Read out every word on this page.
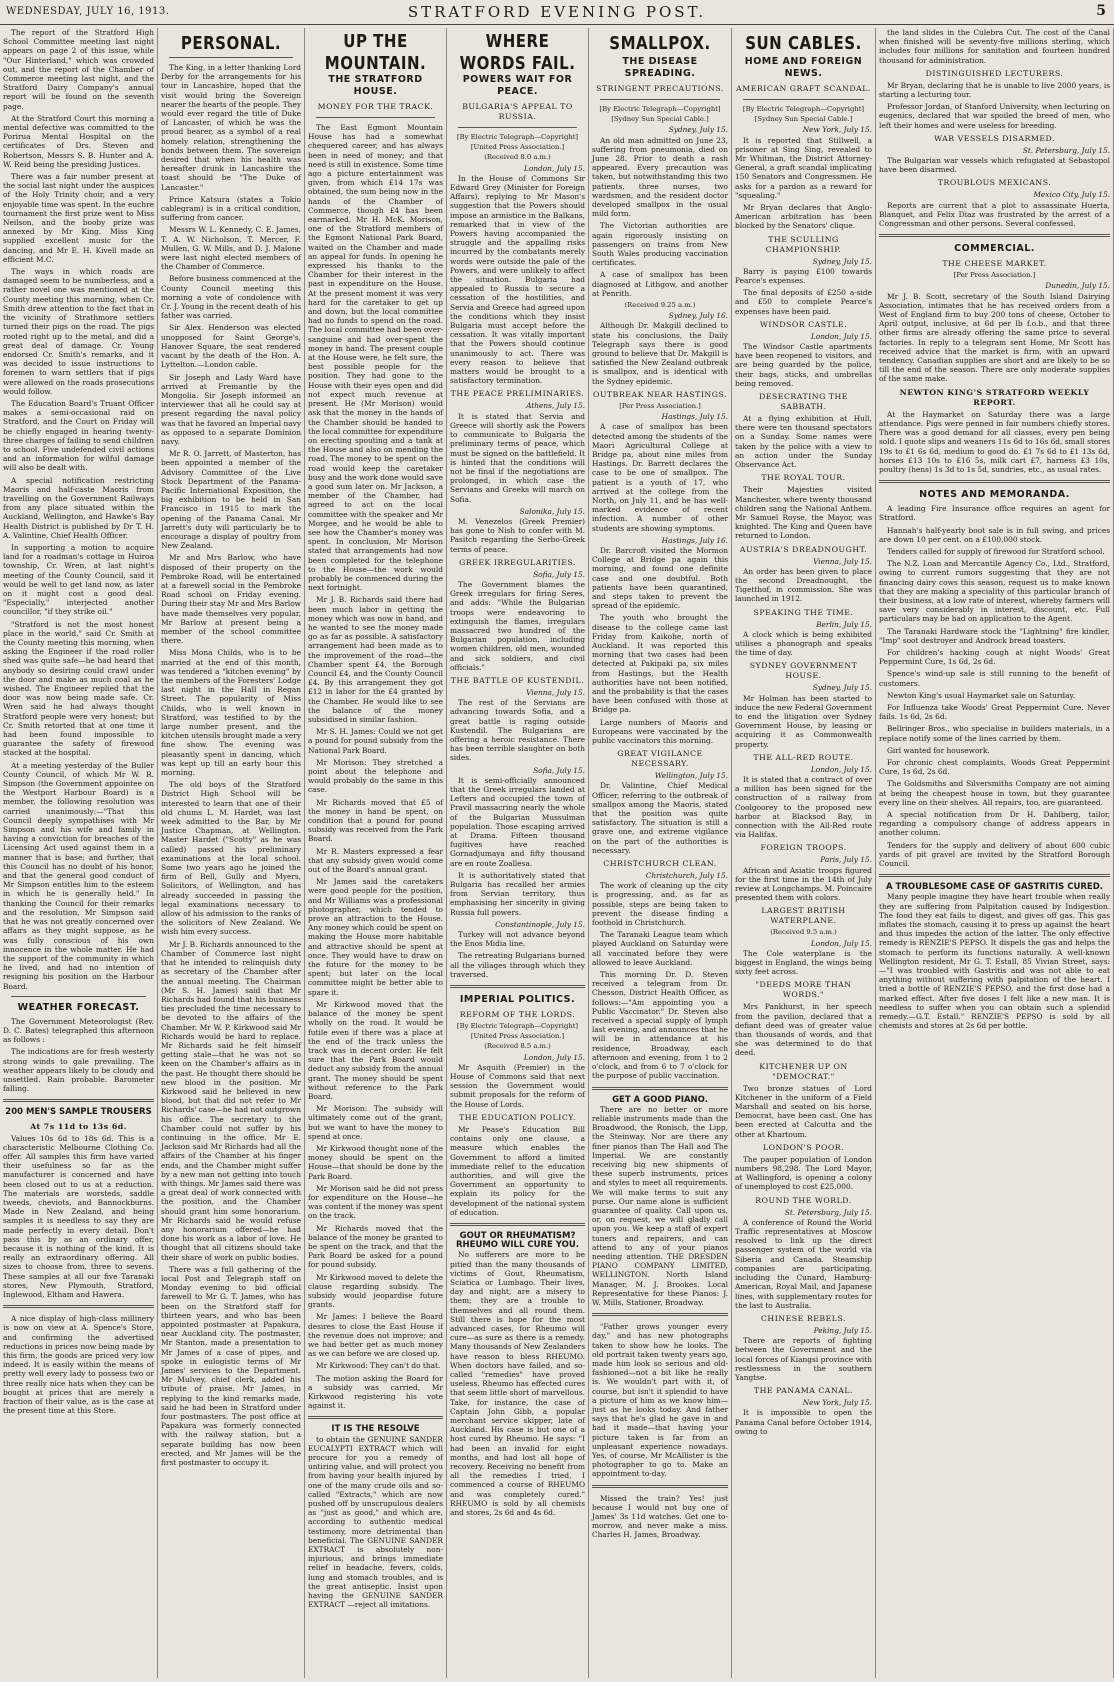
WEDNESDAY, JULY 16, 1913.	STRATFORD EVENING POST.	5

The report of the Stratford High School Committee meeting last night appears on page 2 of this issue, while "Our Hinterland," which was crowded out, and the report of the Chamber of Commerce meeting last night, and the Stratford Dairy Company's annual report will be found on the seventh page.

At the Stratford Court this morning a mental defective was committed to the Porirua Mental Hospital on the certificates of Drs. Steven and Robertson, Messrs S. B. Hunter and A. W. Reid being the presiding Justices.

There was a fair number present at the social last night under the auspices of the Holy Trinity choir, and a very enjoyable time was spent. In the euchre tournament the first prize went to Miss Neilson, and the booby prize was annexed by Mr King. Miss King supplied excellent music for the dancing, and Mr E. H. Kivell made an efficient M.C.

The ways in which roads are damaged seem to be numberless, and a rather novel one was mentioned at the County meeting this morning, when Cr. Smith drew attention to the fact that in the vicinity of Strathmore settlers turned their pigs on the road. The pigs rooted right up to the metal, and did a great deal of damage. Cr. Young endorsed Cr. Smith's remarks, and it was decided to issue instructions to foremen to warn settlers that if pigs were allowed on the roads prosecutions would follow.

The Education Board's Truant Officer makes a semi-occasional raid on Stratford, and the Court on Friday will be chiefly engaged in hearing twenty-three charges of failing to send children to school. Five undefended civil actions and an information for wilful damage will also be dealt with.

A special notification restricting Maoris and half-caste Maoris from travelling on the Government Railways from any place situated within the Auckland, Wellington, and Hawke's Bay Health District is published by Dr T. H. A. Valintine, Chief Health Officer.

In supporting a motion to acquire land for a roadman's cottage in Huiroa township, Cr. Wren, at last night's meeting of the County Council, said it would be well to get land now, as later on it might cost a good deal. "Especially," interjected another councillor, "if they strike oil."

"Stratford is not the most honest place in the world," said Cr. Smith at the County meeting this morning, when asking the Engineer if the road roller shed was quite safe—he had heard that anybody so desiring could crawl under the door and make as much coal as he wished. The Engineer replied that the door was now being made safe. Cr. Wren said he had always thought Stratford people were very honest; but Cr. Smith retorted that at one time it had been found impossible to guarantee the safety of firewood stacked at the hospital.

At a meeting yesterday of the Buller County Council, of which Mr W. R. Simpson (the Government appointee on the Westport Harbour Board) is a member, the following resolution was carried unanimously:—"That this Council deeply sympathises with Mr Simpson and his wife and family in having a conviction for breaches of the Licensing Act used against them in a manner that is base; and further, that this Council has no doubt of his honor, and that the general good conduct of Mr Simpson entitles him to the esteem in which he is generally held." In thanking the Council for their remarks and the resolution, Mr Simpson said that he was not greatly concerned over affairs as they might suppose, as he was fully conscious of his own innocence in the whole matter. He had the support of the community in which he lived, and had no intention of resigning his position on the Harbour Board.

WEATHER FORECAST.

The Government Meteorologist (Rev. D. C. Bates) telegraphed this afternoon as follows :

The indications are for fresh westerly strong winds to gale prevailing. The weather appears likely to be cloudy and unsettled. Rain probable. Barometer falling.

200 MEN'S SAMPLE TROUSERS
At 7s 11d to 13s 6d.

Values 10s 6d to 18s 6d. This is a characteristic Melbourne Clothing Co. offer. All samples this firm have varied their usefulness so far as the manufacturer is concerned and have been closed out to us at a reduction. The materials are worsteds, saddle tweeds, cheviots, and Bannockburns. Made in New Zealand, and being samples it is needless to say they are made perfectly in every detail. Don't pass this by as an ordinary offer, because it is nothing of the kind. It is really an extraordinary offering. All sizes to choose from, three to sevens. These samples at all our five Taranaki stores, New Plymouth, Stratford, Inglewood, Eltham and Hawera.

A nice display of high-class millinery is now on view at A. Spence's Store, and confirming the advertised reductions in prices now being made by this firm, the goods are priced very low indeed. It is easily within the means of pretty well every lady to possess two or three really nice hats when they can be bought at prices that are merely a fraction of their value, as is the case at the present time at this Store.

PERSONAL.

The King, in a letter thanking Lord Derby for the arrangements for his tour in Lancashire, hoped that the visit would bring the Sovereign nearer the hearts of the people. They would ever regard the title of Duke of Lancaster, of which he was the proud bearer, as a symbol of a real homely relation, strengthening the bonds between them. The sovereign desired that when his health was hereafter drunk in Lancashire the toast should be "The Duke of Lancaster."

Prince Katsura (states a Tokio cablegram) is in a critical condition, suffering from cancer.

Messrs W. L. Kennedy, C. E. James, T. A. W. Nicholson, T. Mercer, F. Mullen, G. W. Mills, and D. J. Malone were last night elected members of the Chamber of Commerce.

Before business commenced at the County Council meeting this morning a vote of condolence with Cr. J. Young in the recent death of his father was carried.

Sir Alex. Henderson was elected unopposed for Saint George's, Hanover Square, the seat rendered vacant by the death of the Hon. A. Lyttelton.—London cable.

Sir Joseph and Lady Ward have arrived at Fremantle by the Mongolia. Sir Joseph informed an interviewer that all he could say at present regarding the naval policy was that he favored an Imperial navy as opposed to a separate Dominion navy.

Mr R. O. Jarrett, of Masterton, has been appointed a member of the Advisory Committee of the Live Stock Department of the Panama-Pacific International Exposition, the big exhibition to be held in San Francisco in 1915 to mark the opening of the Panama Canal. Mr Jarrett's duty will particularly be to encourage a display of poultry from New Zealand.

Mr and Mrs Barlow, who have disposed of their property on the Pembroke Road, will be entertained at a farewell social in the Pembroke Road school on Friday evening. During their stay Mr and Mrs Barlow have made themselves very popular, Mr Barlow at present being a member of the school committee there.

Miss Mona Childs, who is to be married at the end of this month, was tendered a "kitchen evening" by the members of the Foresters' Lodge last night in the Hall in Regan Street. The popularity of Miss Childs, who is well known in Stratford, was testified to by the large number present, and the kitchen utensils brought made a very fine show. The evening was pleasantly spent in dancing, which was kept up till an early hour this morning.

The old boys of the Stratford District High School will be interested to learn that one of their old chums L. M. Hardet, was last week admitted to the Bar, by Mr Justice Chapman, at Wellington. Master Hardet ("Scotty" as he was called) passed his preliminary examinations at the local school. Some two years ago he joined the firm of Bell, Gully and Myers, Solicitors, of Wellington, and has already succeeded in passing the legal examinations necessary to allow of his admission to the ranks of the solicitors of New Zealand. We wish him every success.

Mr J. B. Richards announced to the Chamber of Commerce last night that he intended to relinquish duty as secretary of the Chamber after the annual meeting. The Chairman (Mr S. H. James) said that Mr Richards had found that his business ties precluded the time necessary to be devoted to the affairs of the Chamber. Mr W. P. Kirkwood said Mr Richards would be hard to replace. Mr Richards said he felt himself getting stale—that he was not so keen on the Chamber's affairs as in the past. He thought there should be new blood in the position. Mr Kirkwood said he believed in new blood, but that did not refer to Mr Richards' case—he had not outgrown his office. The secretary to the Chamber could not suffer by his continuing in the office. Mr E. Jackson said Mr Richards had all the affairs of the Chamber at his finger ends, and the Chamber might suffer by a new man not getting into touch with things. Mr James said there was a great deal of work connected with the position, and the Chamber should grant him some honorarium. Mr Richards said he would refuse any honorarium offered—he had done his work as a labor of love. He thought that all citizens should take their share of work on public bodies.

There was a full gathering of the local Post and Telegraph staff on Monday evening to bid official farewell to Mr G. T. James, who has been on the Stratford staff for thirteen years, and who has been appointed postmaster at Papakura, near Auckland city. The postmaster, Mr Stanton, made a presentation to Mr James of a case of pipes, and spoke in eulogistic terms of Mr James' services to the Department. Mr Mulvey, chief clerk, added his tribute of praise. Mr James, in replying to the kind remarks made, said he had been in Stratford under four postmasters. The post office at Papakura was formerly connected with the railway station, but a separate building has now been erected, and Mr James will be the first postmaster to occupy it.

UP THE MOUNTAIN.
THE STRATFORD HOUSE.
MONEY FOR THE TRACK.

The East Egmont Mountain House has had a somewhat chequered career, and has always been in need of money; and that need is still in existence. Some time ago a picture entertainment was given, from which £14 17s was obtained, the sum being now in the hands of the Chamber of Commerce, though £4 has been earmarked. Mr H. McK. Morison, one of the Stratford members of the Egmont National Park Board, waited on the Chamber and made an appeal for funds. In opening he expressed his thanks to the Chamber for their interest in the past in expenditure on the House. At the present moment it was very hard for the caretaker to get up and down, but the local committee had no funds to spend on the road. The local committee had been over-sanguine and had over-spent the money in hand. The present couple at the House were, he felt sure, the best possible people for the position. They had gone to the House with their eyes open and did not expect much revenue at present. He (Mr Morison) would ask that the money in the hands of the Chamber should be handed to the local committee for expenditure on erecting spouting and a tank at the House and also on mending the road. The money to be spent on the road would keep the caretaker busy and the work done would save a good sum later on. Mr Jackson, a member of the Chamber, had agreed to act on the local committee with the speaker and Mr Morgee, and he would be able to see how the Chamber's money was spent. In conclusion, Mr Morison stated that arrangements had now been completed for the telephone to the House—the work would probably be commenced during the next fortnight.

Mr J. B. Richards said there had been much labor in getting the money which was now in hand, and he wanted to see the money made go as far as possible. A satisfactory arrangement had been made as to the improvement of the road—the Chamber spent £4, the Borough Council £4, and the County Council £4. By this arrangement they got £12 in labor for the £4 granted by the Chamber. He would like to see the balance of the money subsidised in similar fashion.

Mr S. H. James: Could we not get a pound for pound subsidy from the National Park Board.

Mr Morison: They stretched a point about the telephone and would probably do the same in this case.

Mr Richards moved that £5 of the money in hand be spent, on condition that a pound for pound subsidy was received from the Park Board.

Mr R. Masters expressed a fear that any subsidy given would come out of the Board's annual grant.

Mr James said the caretakers were good people for the position, and Mr Williams was a professional photographer, which tended to prove an attraction to the House. Any money which could be spent on making the House more habitable and attractive should be spent at once. They would have to draw on the future for the money to be spent; but later on the local committee might be better able to spare it.

Mr Kirkwood moved that the balance of the money be spent wholly on the road. It would be futile even if there was a place at the end of the track unless the track was in decent order. He felt sure that the Park Board would deduct any subsidy from the annual grant. The money should be spent without reference to the Park Board.

Mr Morison: The subsidy will ultimately come out of the grant, but we want to have the money to spend at once.

Mr Kirkwood thought none of the money should be spent on the House—that should be done by the Park Board.

Mr Morison said he did not press for expenditure on the House—he was content if the money was spent on the track.

Mr Richards moved that the balance of the money be granted to be spent on the track, and that the Park Board be asked for a pound for pound subsidy.

Mr Kirkwood moved to delete the clause regarding subsidy. The subsidy would jeopardise future grants.

Mr James: I believe the Board desires to close the East House if the revenue does not improve; and we had better get as much money as we can before we are closed up.

Mr Kirkwood: They can't do that.

The motion asking the Board for a subsidy was carried, Mr Kirkwood registering his vote against it.

IT IS THE RESOLVE

to obtain the GENUINE SANDER EUCALYPTI EXTRACT which will procure for you a remedy of untiring value, and will protect you from having your health injured by one of the many crude oils and so-called "Extracts," which are now pushed off by unscrupulous dealers as "just as good," and which are, according to authentic medical testimony, more detrimental than beneficial. The GENUINE SANDER EXTRACT is absolutely non-injurious, and brings immediate relief in headache, fevers, colds, lung and stomach troubles, and is the great antiseptic. Insist upon having the GENUINE SANDER EXTRACT —reject all imitations.

WHERE WORDS FAIL.
POWERS WAIT FOR PEACE.
BULGARIA'S APPEAL TO RUSSIA.
[By Electric Telegraph—Copyright]
[United Press Association.]
(Received 8.0 a.m.)
London, July 15.

In the House of Commons Sir Edward Grey (Minister for Foreign Affairs), replying to Mr Mason's suggestion that the Powers should impose an armistice in the Balkans, remarked that in view of the Powers having accompanied the struggle and the appalling risks incurred by the combatants merely words were outside the pale of the Powers, and were unlikely to affect the situation. Bulgaria had appealed to Russia to secure a cessation of the hostilities, and Servia and Greece had agreed upon the conditions which they insist Bulgaria must accept before the cessation. It was vitally important that the Powers should continue unanimously to act. There was every reason to believe that matters would be brought to a satisfactory termination.

THE PEACE PRELIMINARIES.
Athens, July 15.

It is stated that Servia and Greece will shortly ask the Powers to communicate to Bulgaria the preliminary terms of peace, which must be signed on the battlefield. It is hinted that the conditions will not be final if the negotiations are prolonged, in which case the Servians and Greeks will march on Sofia.

Salonika, July 15.

M. Venezelos (Greek Premier) has gone to Nish to confer with M. Pasitch regarding the Serbo-Greek terms of peace.

GREEK IRREGULARITIES.
Sofia, July 15.

The Government blames the Greek irregulars for firing Seres, and adds: "While the Bulgarian troops were endeavoring to extinguish the flames, irregulars massacred two hundred of the Bulgarian population, including women children, old men, wounded and sick soldiers, and civil officials."

THE BATTLE OF KUSTENDIL.
Vienna, July 15.

The rest of the Servians are advancing towards Sofia, and a great battle is raging outside Kustendil. The Bulgarians are offering a heroic resistance. There has been terrible slaughter on both sides.

Sofia, July 15.

It is semi-officially announced that the Greek irregulars landed at Lefters and occupied the town of Pravil massacring nearly the whole of the Bulgarian Mussulman population. Those escaping arrived at Drama. Fifteen thousand fugitives have reached Gornadjumaya and fifty thousand are en route Zoallesa.

It is authoritatively stated that Bulgaria has recalled her armies from Servian territory, thus emphasising her sincerity in giving Russia full powers.

Constantinople, July 15.

Turkey will not advance beyond the Enos Midia line.

The retreating Bulgarians burned all the villages through which they traversed.

IMPERIAL POLITICS.
REFORM OF THE LORDS.
[By Electric Telegraph—Copyright]
[United Press Association.]
(Received 8.5 a.m.)
London, July 15.

Mr Asquith (Premier) in the House of Commons said that next session the Government would submit proposals for the reform of the House of Lords.

THE EDUCATION POLICY.

Mr Pease's Education Bill contains only one clause, a measure which enables the Government to afford a limited immediate relief to the education authorities, and will give the Government an opportunity to explain its policy for the development of the national system of education.

GOUT OR RHEUMATISM? RHEUMO WILL CURE YOU.

No sufferers are more to be pitied than the many thousands of victims of Gout, Rheumatism, Sciatica or Lumbago. Their lives, day and night, are a misery to them; they are a trouble to themselves and all round them. Still there is hope for the most advanced cases, for Rheumo will cure—as sure as there is a remedy. Many thousands of New Zealanders have reason to bless RHEUMO. When doctors have failed, and so-called "remedies" have proved useless, Rheumo has effected cures that seem little short of marvellous. Take, for instance, the case of Captain John Gibb, a popular merchant service skipper, late of Auckland. His case is but one of a host cured by Rheumo. He says: "I had been an invalid for eight months, and had lost all hope of recovery. Receiving no benefit from all the remedies I tried, I commenced a course of RHEUMO and was completely cured." RHEUMO is sold by all chemists and stores, 2s 6d and 4s 6d.

SMALLPOX.
THE DISEASE SPREADING.
STRINGENT PRECAUTIONS.
[By Electric Telegraph—Copyright]
[Sydney Sun Special Cable.]
Sydney, July 15.

An old man admitted on June 23, suffering from pneumonia, died on June 28. Prior to death a rash appeared. Every precaution was taken, but notwithstanding this two patients, three nurses, two wardsmen, and the resident doctor developed smallpox in the usual mild form.

The Victorian authorities are again rigorously insisting on passengers on trains from New South Wales producing vaccination certificates.

A case of smallpox has been diagnosed at Lithgow, and another at Penrith.

(Received 9.25 a.m.)
Sydney, July 16.

Although Dr. Makgill declined to state his conclusions, the Daily Telegraph says there is good ground to believe that Dr. Makgill is satisfied the New Zealand outbreak is smallpox, and is identical with the Sydney epidemic.

OUTBREAK NEAR HASTINGS.
[Per Press Association.]
Hastings, July 15.

A case of smallpox has been detected among the students of the Maori Agricultural College at Bridge pa, about nine miles from Hastings. Dr. Barrett declares the case to be one of smallpox. The patient is a youth of 17, who arrived at the college from the North, on July 11, and he has well-marked evidence of recent infection. A number of other students are showing symptoms.

Hastings, July 16.

Dr. Barcroft visited the Mormon College at Bridge pa again this morning, and found one definite case and one doubtful. Both patients have been quarantined, and steps taken to prevent the spread of the epidemic.

The youth who brought the disease to the college came last Friday from Kaikohe, north of Auckland. It was reported this morning that two cases had been detected at Pakipaki pa, six miles from Hastings, but the Health authorities have not been notified, and the probability is that the cases have been confused with those at Bridge pa.

Large numbers of Maoris and Europeans were vaccinated by the public vaccinators this morning.

GREAT VIGILANCE NECESSARY.
Wellington, July 15.

Dr. Valintine, Chief Medical Officer, referring to the outbreak of smallpox among the Maoris, stated that the position was quite satisfactory. The situation is still a grave one, and extreme vigilance on the part of the authorities is necessary.

CHRISTCHURCH CLEAN.
Christchurch, July 15.

The work of cleaning up the city is progressing, and, as far as possible, steps are being taken to prevent the disease finding a foothold in Christchurch.

The Taranaki League team which played Auckland on Saturday were all vaccinated before they were allowed to leave Auckland.

This morning Dr. D. Steven received a telegram from Dr. Chesson, District Health Officer, as follows:—"Am appointing you a Public Vaccinator." Dr. Steven also received a special supply of lymph last evening, and announces that he will be in attendance at his residence, Broadway, each afternoon and evening, from 1 to 2 o'clock, and from 6 to 7 o'clock for the purpose of public vaccination.

GET A GOOD PIANO.

There are no better or more reliable instruments made than the Broadwood, the Ronisch, the Lipp, the Steinway. Nor are there any finer pianos than The Hall and The Imperial. We are constantly receiving big new shipments of these superb instruments, prices and styles to meet all requirements. We will make terms to suit any purse. Our name alone is sufficient guarantee of quality. Call upon us, or, on request, we will gladly call upon you. We keep a staff of expert tuners and repairers, and can attend to any of your pianos needing attention. THE DRESDEN PIANO COMPANY LIMITED, WELLINGTON. North Island Manager, M. J. Brookes. Local Representative for these Pianos: J. W. Mills, Stationer, Broadway.

"Father grows younger every day," and has new photographs taken to show how he looks. The old portrait taken twenty years ago, made him look so serious and old-fashioned—not a bit like he really is. We wouldn't part with it, of course, but isn't it splendid to have a picture of him as we know him—just as he looks today. And father says that he's glad he gave in and had it made—that having your picture taken is far from an unpleasant experience nowadays. Yes, of course, Mr McAllister is the photographer to go to. Make an appointment to-day.

Missed the train? Yes! just because I would not buy one of James' 3s 11d watches. Get one to-morrow, and never make a miss. Charles H. James, Broadway.

SUN CABLES.
HOME AND FOREIGN NEWS.
AMERICAN GRAFT SCANDAL.
[By Electric Telegraph—Copyright]
[Sydney Sun Special Cable.]
New York, July 15.

It is reported that Stillwell, a prisoner at Sing Sing, revealed to Mr Whitman, the District Attorney-General, a graft scandal implicating 150 Senators and Congressmen. He asks for a pardon as a reward for "squealing."

Mr Bryan declares that Anglo-American arbitration has been blocked by the Senators' clique.

THE SCULLING CHAMPIONSHIP.
Sydney, July 15.

Barry is paying £100 towards Pearce's expenses.

The final deposits of £250 a-side and £50 to complete Pearce's expenses have been paid.

WINDSOR CASTLE.
London, July 15.

The Windsor Castle apartments have been reopened to visitors, and are being guarded by the police, their bags, sticks, and umbrellas being removed.

DESECRATING THE SABBATH.

At a flying exhibition at Hull, there were ten thousand spectators on a Sunday. Some names were taken by the police with a view to an action under the Sunday Observance Act.

THE ROYAL TOUR.

Their Majesties visited Manchester, where twenty thousand children sang the National Anthem. Mr Samuel Royse, the Mayor, was knighted. The King and Queen have returned to London.

AUSTRIA'S DREADNOUGHT.
Vienna, July 15.

An order has been given to place the second Dreadnought, the Tigetthof, in commission. She was launched in 1912.

SPEAKING THE TIME.
Berlin, July 15.

A clock which is being exhibited utilises a phonograph and speaks the time of day.

SYDNEY GOVERNMENT HOUSE.
Sydney, July 15.

Mr Holman has been started to induce the new Federal Government to end the litigation over Sydney Government House, by leasing or acquiring it as Commonwealth property.

THE ALL-RED ROUTE.
London, July 15.

It is stated that a contract of over a million has been signed for the construction of a railway from Coolgoorey to the proposed new harbor at Blacksod Bay, in connection with the All-Red route via Halifax.

FOREIGN TROOPS.
Paris, July 15.

African and Asiatic troops figured for the first time in the 14th of July review at Longchamps. M. Poincaire presented them with colors.

LARGEST BRITISH WATERPLANE.
(Received 9.5 a.m.)
London, July 15.

The Cole waterplane is the biggest in England, the wings being sixty feet across.

"DEEDS MORE THAN WORDS."

Mrs Pankhurst, in her speech from the pavilion, declared that a defiant deed was of greater value than thousands of words, and that she was determined to do that deed.

KITCHENER UP ON "DEMOCRAT."

Two bronze statues of Lord Kitchener in the uniform of a Field Marshall and seated on his horse, Democrat, have been cast. One has been erected at Calcutta and the other at Khartoum.

LONDON'S POOR.

The pauper population of London numbers 98,298. The Lord Mayor, at Wallingford, is opening a colony of unemployed to cost £25,000.

ROUND THE WORLD.
St. Petersburg, July 15.

A conference of Round the World Traffic representatives at Moscow resolved to link up the direct passenger system of the world via Siberia and Canada. Steamship companies are participating, including the Cunard, Hamburg-American, Royal Mail, and Japanese lines, with supplementary routes for the last to Australia.

CHINESE REBELS.
Peking, July 15.

There are reports of fighting between the Government and the local forces of Kiangsi province with restlessness in the southern Yangtse.

THE PANAMA CANAL.
New York, July 15.

It is impossible to open the Panama Canal before October 1914, owing to

the land slides in the Culebra Cut. The cost of the Canal when finished will be seventy-five millions sterling, which includes four millions for sanitation and fourteen hundred thousand for administration.

DISTINGUISHED LECTURERS.

Mr Bryan, declaring that he is unable to live 2000 years, is starting a lecturing tour.

Professor Jordan, of Stanford University, when lecturing on eugenics, declared that war spoiled the breed of men, who left their homes and were useless for breeding.

WAR VESSELS DISARMED.
St. Petersburg, July 15.

The Bulgarian war vessels which refugiated at Sebastopol have been disarmed.

TROUBLOUS MEXICANS.
Mexico City, July 15.

Reports are current that a plot to assassinate Huerta, Blanquet, and Felix Diaz was frustrated by the arrest of a Congressman and other persons. Several confessed.

COMMERCIAL.
THE CHEESE MARKET.
[Per Press Association.]
Dunedin, July 15.

Mr J. B. Scott, secretary of the South Island Dairying Association, intimates that he has received orders from a West of England firm to buy 200 tons of cheese, October to April output, inclusive, at 6d per lb f.o.b., and that three other firms are already offering the same price to several factories. In reply to a telegram sent Home, Mr Scott has received advice that the market is firm, with an upward tendency. Canadian supplies are short and are likely to be so till the end of the season. There are only moderate supplies of the same make.

NEWTON KING'S STRATFORD WEEKLY REPORT.

At the Haymarket on Saturday there was a large attendance. Pigs were penned in fair numbers chiefly stores. There was a good demand for all classes, every pen being sold. I quote slips and weaners 11s 6d to 16s 6d, small stores 19s to £1 6s 6d, medium to good do. £1 7s 6d to £1 13s 6d, horses £13 10s to £16 5s, milk cart £7, harness £3 10s, poultry (hens) 1s 3d to 1s 5d, sundries, etc., as usual rates.

NOTES AND MEMORANDA.

A leading Fire Insurance office requires an agent for Stratford.

Hannah's half-yearly boot sale is in full swing, and prices are down 10 per cent. on a £100,000 stock.

Tenders called for supply of firewood for Stratford school.

The N.Z. Loan and Mercantile Agency Co., Ltd., Stratford, owing to current rumors suggesting that they are not financing dairy cows this season, request us to make known that they are making a speciality of this particular branch of their business, at a low rate of interest, whereby farmers will save very considerably in interest, discount, etc. Full particulars may be had on application to the Agent.

The Taranaki Hardware stock the "Lightning" fire kindler, "Imp" soot destroyer and Androck bread toasters.

For children's hacking cough at night Woods' Great Peppermint Cure, 1s 6d, 2s 6d.

Spence's wind-up sale is still running to the benefit of customers.

Newton King's usual Haymarket sale on Saturday.

For Influenza take Woods' Great Peppermint Cure. Never fails. 1s 6d, 2s 6d.

Bellringer Bros., who specialise in builders materials, in a replace notify some of the lines carried by them.

Girl wanted for housework.

For chronic chest complaints, Woods Great Peppermint Cure, 1s 6d, 2s 6d.

The Goldsmiths and Silversmiths Company are not aiming at being the cheapest house in town, but they guarantee every line on their shelves. All repairs, too, are guaranteed.

A special notification from Dr H. Dahlberg, tailor, regarding a compulsory change of address appears in another column.

Tenders for the supply and delivery of about 600 cubic yards of pit gravel are invited by the Stratford Borough Council.

A TROUBLESOME CASE OF GASTRITIS CURED.

Many people imagine they have heart trouble when really they are suffering from Palpitation caused by Indigestion. The food they eat fails to digest, and gives off gas. This gas inflates the stomach, causing it to press up against the heart and thus impedes the action of the latter. The only effective remedy is RENZIE'S PEPSO. It dispels the gas and helps the stomach to perform its functions naturally. A well-known Wellington resident, Mr G. T. Estall, 85 Vivian Street, says:—"I was troubled with Gastritis and was not able to eat anything without suffering with palpitation of the heart. I tried a bottle of RENZIE'S PEPSO, and the first dose had a marked effect. After five doses I felt like a new man. It is needless to suffer when you can obtain such a splendid remedy.—G.T. Estall." RENZIE'S PEPSO is sold by all chemists and stores at 2s 6d per bottle.
